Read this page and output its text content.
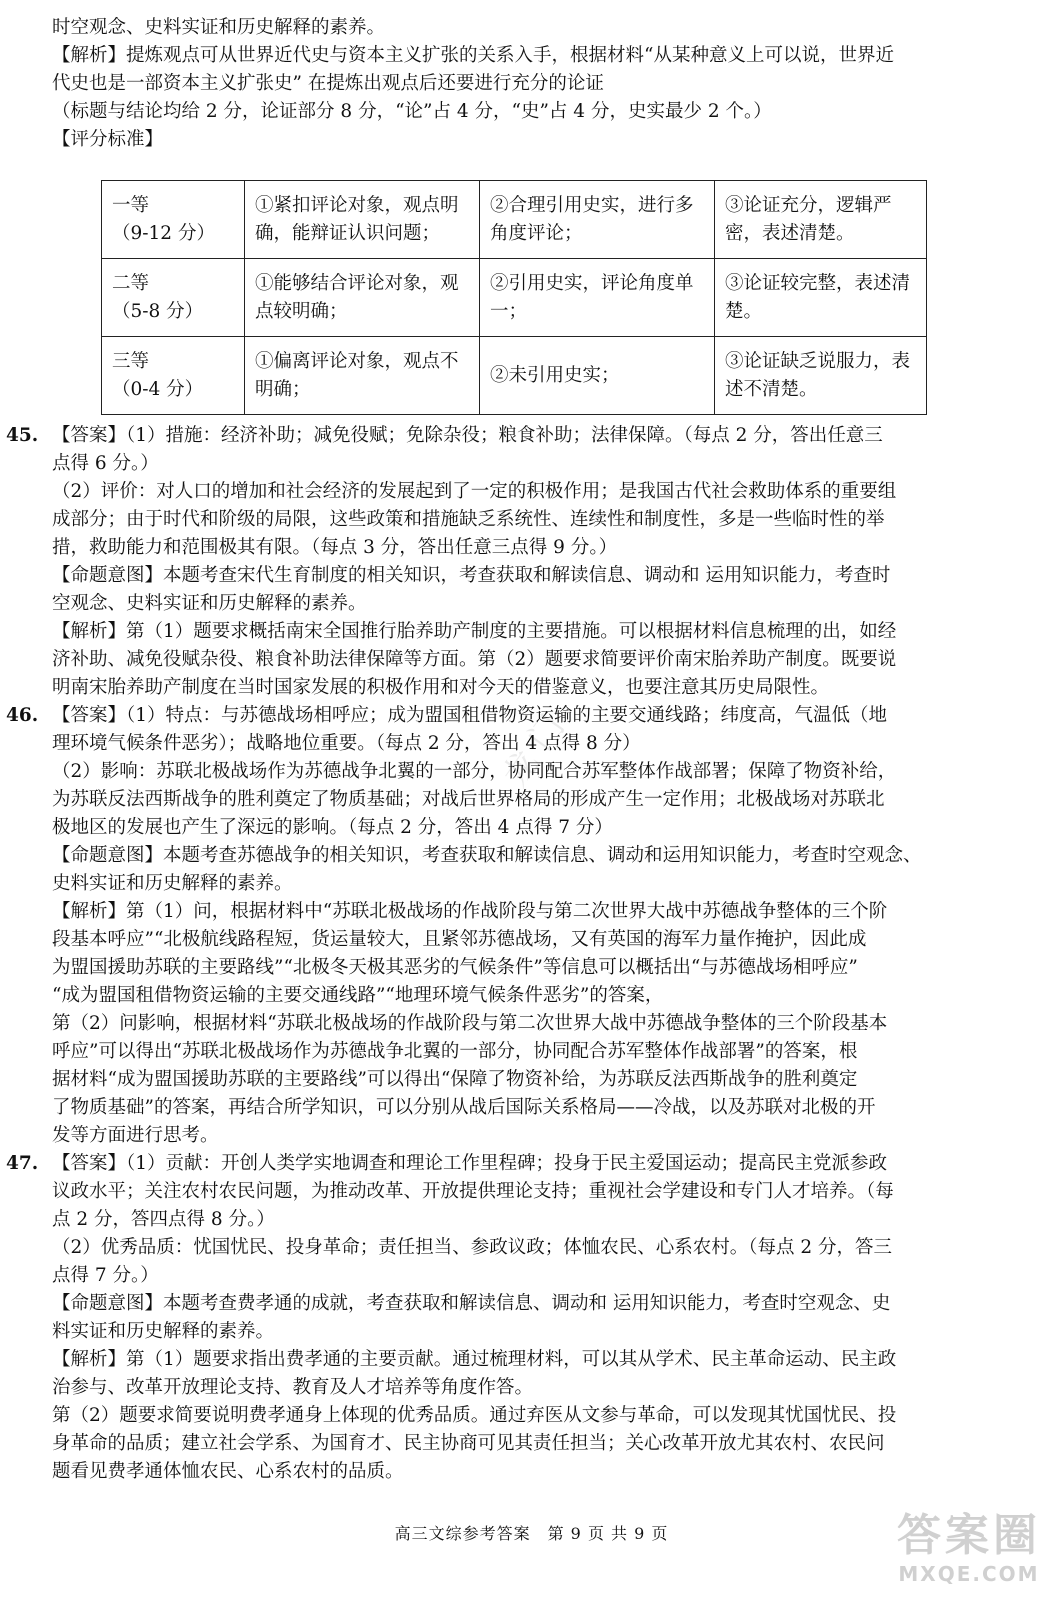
时空观念、史料实证和历史解释的素养。
【解析】提炼观点可从世界近代史与资本主义扩张的关系入手，根据材料“从某种意义上可以说，世界近
代史也是一部资本主义扩张史” 在提炼出观点后还要进行充分的论证
（标题与结论均给 2 分，论证部分 8 分，“论”占 4 分，“史”占 4 分，史实最少 2 个。）
【评分标准】
一等
（9-12 分）	①紧扣评论对象，观点明确，能辩证认识问题；	②合理引用史实，进行多角度评论；	③论证充分，逻辑严密，表述清楚。

二等
（5-8 分）	①能够结合评论对象，观点较明确；	②引用史实，评论角度单一；	③论证较完整，表述清楚。

三等
（0-4 分）	①偏离评论对象，观点不明确；	②未引用史实；	③论证缺乏说服力，表述不清楚。
45. 【答案】（1）措施：经济补助；减免役赋；免除杂役；粮食补助；法律保障。（每点 2 分，答出任意三
点得 6 分。）
（2）评价：对人口的增加和社会经济的发展起到了一定的积极作用；是我国古代社会救助体系的重要组
成部分；由于时代和阶级的局限，这些政策和措施缺乏系统性、连续性和制度性，多是一些临时性的举
措，救助能力和范围极其有限。（每点 3 分，答出任意三点得 9 分。）
【命题意图】本题考查宋代生育制度的相关知识，考查获取和解读信息、调动和 运用知识能力，考查时
空观念、史料实证和历史解释的素养。
【解析】第（1）题要求概括南宋全国推行胎养助产制度的主要措施。可以根据材料信息梳理的出，如经
济补助、减免役赋杂役、粮食补助法律保障等方面。第（2）题要求简要评价南宋胎养助产制度。既要说
明南宋胎养助产制度在当时国家发展的积极作用和对今天的借鉴意义，也要注意其历史局限性。
46. 【答案】（1）特点：与苏德战场相呼应；成为盟国租借物资运输的主要交通线路；纬度高，气温低（地
理环境气候条件恶劣）；战略地位重要。（每点 2 分，答出 4 点得 8 分）
（2）影响：苏联北极战场作为苏德战争北翼的一部分，协同配合苏军整体作战部署；保障了物资补给，
为苏联反法西斯战争的胜利奠定了物质基础；对战后世界格局的形成产生一定作用；北极战场对苏联北
极地区的发展也产生了深远的影响。（每点 2 分，答出 4 点得 7 分）
【命题意图】本题考查苏德战争的相关知识，考查获取和解读信息、调动和运用知识能力，考查时空观念、
史料实证和历史解释的素养。
【解析】第（1）问，根据材料中“苏联北极战场的作战阶段与第二次世界大战中苏德战争整体的三个阶
段基本呼应”“北极航线路程短，货运量较大，且紧邻苏德战场，又有英国的海军力量作掩护，因此成
为盟国援助苏联的主要路线”“北极冬天极其恶劣的气候条件”等信息可以概括出“与苏德战场相呼应”
“成为盟国租借物资运输的主要交通线路”“地理环境气候条件恶劣”的答案，
第（2）问影响，根据材料“苏联北极战场的作战阶段与第二次世界大战中苏德战争整体的三个阶段基本
呼应”可以得出“苏联北极战场作为苏德战争北翼的一部分，协同配合苏军整体作战部署”的答案，根
据材料“成为盟国援助苏联的主要路线”可以得出“保障了物资补给，为苏联反法西斯战争的胜利奠定
了物质基础”的答案，再结合所学知识，可以分别从战后国际关系格局——冷战，以及苏联对北极的开
发等方面进行思考。
47. 【答案】（1）贡献：开创人类学实地调查和理论工作里程碑；投身于民主爱国运动；提高民主党派参政
议政水平；关注农村农民问题，为推动改革、开放提供理论支持；重视社会学建设和专门人才培养。（每
点 2 分，答四点得 8 分。）
（2）优秀品质：忧国忧民、投身革命；责任担当、参政议政；体恤农民、心系农村。（每点 2 分，答三
点得 7 分。）
【命题意图】本题考查费孝通的成就，考查获取和解读信息、调动和 运用知识能力，考查时空观念、史
料实证和历史解释的素养。
【解析】第（1）题要求指出费孝通的主要贡献。通过梳理材料，可以其从学术、民主革命运动、民主政
治参与、改革开放理论支持、教育及人才培养等角度作答。
第（2）题要求简要说明费孝通身上体现的优秀品质。通过弃医从文参与革命，可以发现其忧国忧民、投
身革命的品质；建立社会学系、为国育才、民主协商可见其责任担当；关心改革开放尤其农村、农民问
题看见费孝通体恤农民、心系农村的品质。
龙门
高三文综参考答案　第 9 页 共 9 页	答案圈
MXQE.COM
